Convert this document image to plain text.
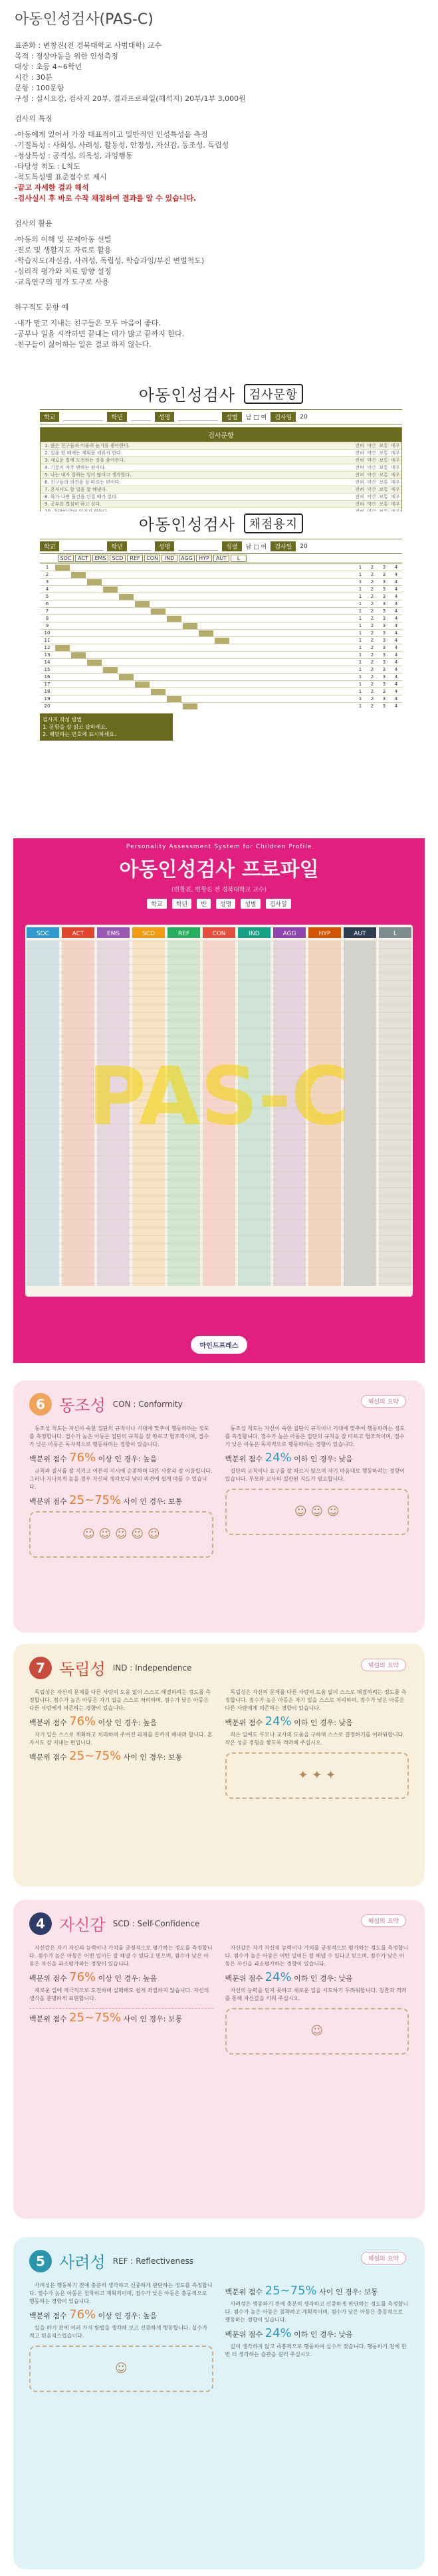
아동인성검사(PAS-C)
표준화 : 변창진(전 경북대학교 사범대학) 교수
목적 : 정상아동을 위한 인성측정
대상 : 초등 4~6학년
시간 : 30분
문항 : 100문항
구성 : 실시요강, 검사지 20부, 결과프로파일(해석지) 20부/1부 3,000원
검사의 특징
-아동에게 있어서 가장 대표적이고 일반적인 인성특성을 측정
-기질특성 : 사회성, 사려성, 활동성, 안정성, 자신감, 동조성, 독립성
-정상특성 : 공격성, 의욕성, 과잉행동
-타당성 척도 : L척도
-척도특성별 표준점수로 제시
-끝고 자세한 결과 해석
-검사실시 후 바로 수작 채점하여 결과를 알 수 있습니다.
검사의 활용
-아동의 이해 및 문제아동 선별
-진로 및 생활지도 자료로 활용
-학습지도(자신감, 사려성, 독립성, 학습과잉/부진 변별척도)
-심리적 평가와 치료 방향 설정
-교육연구의 평가 도구로 사용
하구적도 문항 예
-내가 맡고 지내는 친구들은 모두 마음이 좋다.
-공부나 일을 시작하면 끝내는 데가 많고 끝까지 한다.
-친구들이 싫어하는 일은 결코 하지 않는다.
아동인성검사 검사문항
학교	학년	성명	성별	남 □ 여	검사일	20
검사문항
1. 많은 친구들과 어울려 놀기를 좋아한다.	전혀 약간 보통 매우
2. 일을 할 때에는 계획을 세워서 한다.	전혀 약간 보통 매우
3. 새로운 일에 도전하는 것을 좋아한다.	전혀 약간 보통 매우
4. 기분이 자주 변하는 편이다.	전혀 약간 보통 매우
5. 나는 내가 잘하는 일이 많다고 생각한다.	전혀 약간 보통 매우
6. 친구들의 의견을 잘 따르는 편이다.	전혀 약간 보통 매우
7. 혼자서도 할 일을 잘 해낸다.	전혀 약간 보통 매우
8. 화가 나면 물건을 던질 때가 있다.	전혀 약간 보통 매우
9. 공부를 열심히 하고 싶다.	전혀 약간 보통 매우
아동인성검사 채점용지
학교	학년	성명	성별	남 □ 여	검사일	20
SOC	ACT	EMS	SCD	REF	CON	IND	AGG	HYP	AUT	L
1	1	2	3	4
2	1	2	3	4
3	1	2	3	4
4	1	2	3	4
5	1	2	3	4
6	1	2	3	4
7	1	2	3	4
8	1	2	3	4
9	1	2	3	4
10	1	2	3	4
11	1	2	3	4
12	1	2	3	4
13	1	2	3	4
14	1	2	3	4
15	1	2	3	4
16	1	2	3	4
17	1	2	3	4
18	1	2	3	4
19	1	2	3	4
20	1	2	3	4
검사지 작성 방법
1. 문항을 잘 읽고 답하세요.
2. 해당하는 번호에 표시하세요.
Personality Assessment System for Children Profile
아동인성검사 프로파일
(변창진, 변창진 전 경북대학교 교수)
학교	학년	반	성명	성별	검사일
SOC	ACT	EMS	SCD	REF	CON	IND	AGG	HYP	AUT	L
PAS-C
마인드프레스
6 동조성 CON : Conformity	해설의 요약

동조성 척도는 자신이 속한 집단의 규칙이나 기대에 맞추어 행동하려는 정도를 측정합니다. 점수가 높은 아동은 집단의 규칙을 잘 따르고 협조적이며, 점수가 낮은 아동은 독자적으로 행동하려는 경향이 있습니다.

백분위 점수 76% 이상 인 경우: 높음

규칙과 질서를 잘 지키고 어른의 지시에 순종하며 다른 사람과 잘 어울립니다. 그러나 지나치게 높을 경우 자신의 생각보다 남의 의견에 쉽게 따를 수 있습니다.

백분위 점수 25~75% 사이 인 경우: 보통
☺ ☺ ☺ ☺ ☺

동조성 척도는 자신이 속한 집단의 규칙이나 기대에 맞추어 행동하려는 정도를 측정합니다. 점수가 높은 아동은 집단의 규칙을 잘 따르고 협조적이며, 점수가 낮은 아동은 독자적으로 행동하려는 경향이 있습니다.

백분위 점수 24% 이하 인 경우: 낮음

집단의 규칙이나 요구를 잘 따르지 않으며 자기 마음대로 행동하려는 경향이 있습니다. 부모와 교사의 일관된 지도가 필요합니다.

☺ ☺ ☺
7 독립성 IND : Independence	해설의 요약

독립성은 자신의 문제를 다른 사람의 도움 없이 스스로 해결하려는 정도를 측정합니다. 점수가 높은 아동은 자기 일을 스스로 처리하며, 점수가 낮은 아동은 다른 사람에게 의존하는 경향이 있습니다.

백분위 점수 76% 이상 인 경우: 높음

자기 일은 스스로 계획하고 처리하며 주어진 과제를 끝까지 해내려 합니다. 혼자서도 잘 지내는 편입니다.

백분위 점수 25~75% 사이 인 경우: 보통

독립성은 자신의 문제를 다른 사람의 도움 없이 스스로 해결하려는 정도를 측정합니다. 점수가 높은 아동은 자기 일을 스스로 처리하며, 점수가 낮은 아동은 다른 사람에게 의존하는 경향이 있습니다.

백분위 점수 24% 이하 인 경우: 낮음

작은 일에도 부모나 교사의 도움을 구하며 스스로 결정하기를 어려워합니다. 작은 성공 경험을 쌓도록 격려해 주십시오.

✦ ✦ ✦
4 자신감 SCD : Self-Confidence	해설의 요약

자신감은 자기 자신의 능력이나 가치를 긍정적으로 평가하는 정도를 측정합니다. 점수가 높은 아동은 어떤 일이든 잘 해낼 수 있다고 믿으며, 점수가 낮은 아동은 자신을 과소평가하는 경향이 있습니다.

백분위 점수 76% 이상 인 경우: 높음

새로운 일에 적극적으로 도전하며 실패해도 쉽게 좌절하지 않습니다. 자신의 생각을 분명하게 표현합니다.

백분위 점수 25~75% 사이 인 경우: 보통

자신감은 자기 자신의 능력이나 가치를 긍정적으로 평가하는 정도를 측정합니다. 점수가 높은 아동은 어떤 일이든 잘 해낼 수 있다고 믿으며, 점수가 낮은 아동은 자신을 과소평가하는 경향이 있습니다.

백분위 점수 24% 이하 인 경우: 낮음

자신의 능력을 믿지 못하고 새로운 일을 시도하기 두려워합니다. 칭찬과 격려를 통해 자신감을 키워 주십시오.

☺
5 사려성 REF : Reflectiveness	해설의 요약

사려성은 행동하기 전에 충분히 생각하고 신중하게 판단하는 정도를 측정합니다. 점수가 높은 아동은 침착하고 계획적이며, 점수가 낮은 아동은 충동적으로 행동하는 경향이 있습니다.

백분위 점수 76% 이상 인 경우: 높음

일을 하기 전에 여러 가지 방법을 생각해 보고 신중하게 행동합니다. 실수가 적고 믿음직스럽습니다.

☺
백분위 점수 25~75% 사이 인 경우: 보통

사려성은 행동하기 전에 충분히 생각하고 신중하게 판단하는 정도를 측정합니다. 점수가 높은 아동은 침착하고 계획적이며, 점수가 낮은 아동은 충동적으로 행동하는 경향이 있습니다.

백분위 점수 24% 이하 인 경우: 낮음

깊이 생각하지 않고 즉흥적으로 행동하여 실수가 잦습니다. 행동하기 전에 한 번 더 생각하는 습관을 길러 주십시오.
